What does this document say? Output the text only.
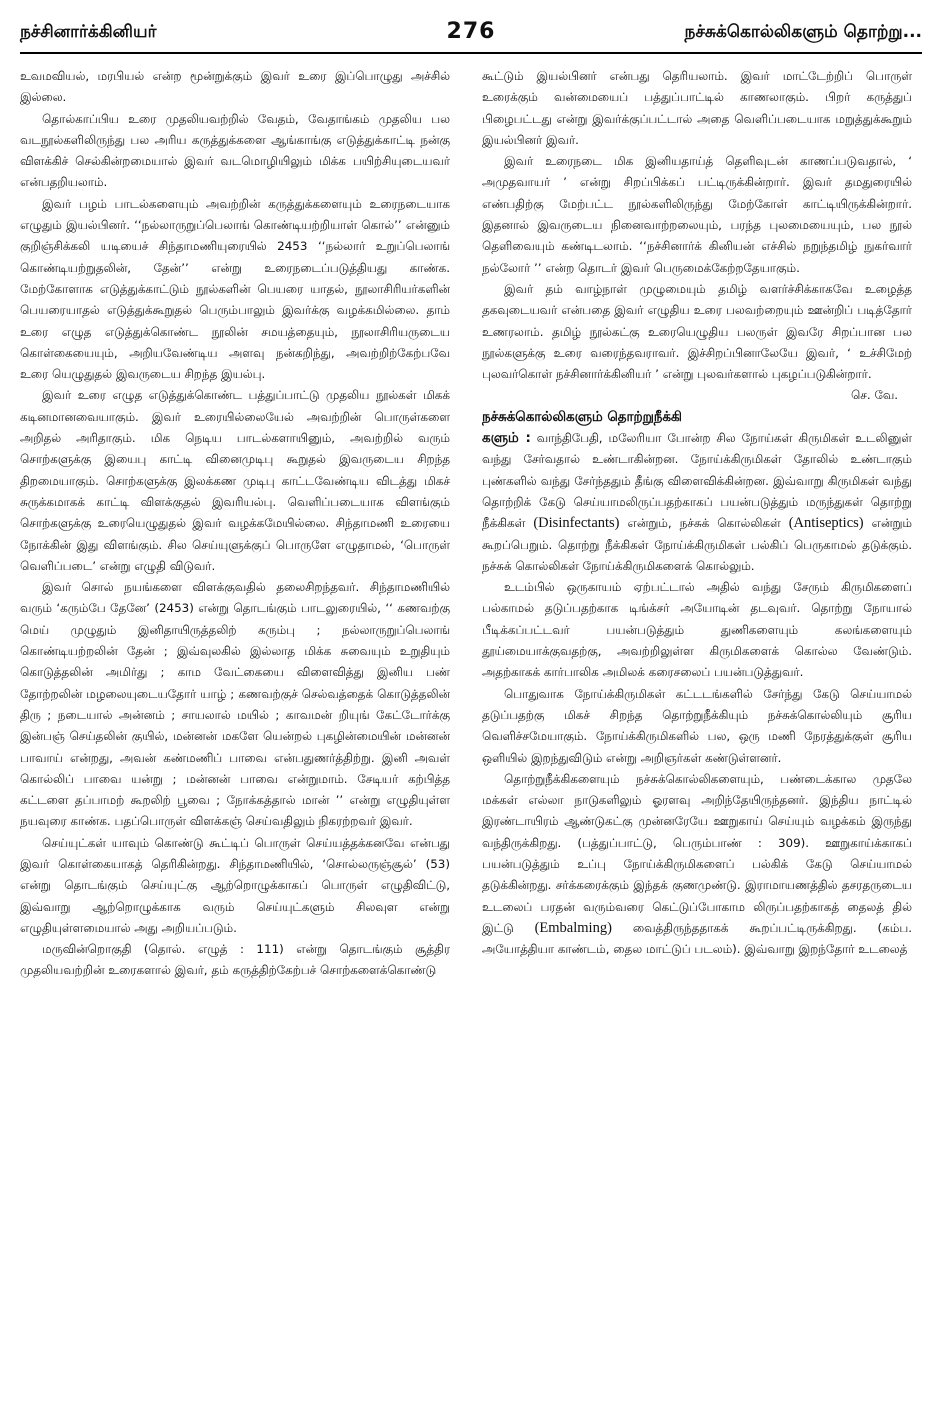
நச்சினார்க்கினியர்	276	நச்சுக்கொல்லிகளும் தொற்று...

உவமவியல், மரபியல் என்ற மூன்றுக்கும் இவர் உரை இப்பொழுது அச்சில் இல்லை.

தொல்காப்பிய உரை முதலியவற்றில் வேதம், வேதாங்கம் முதலிய பல வடநூல்களிலிருந்து பல அரிய கருத்துக்களை ஆங்காங்கு எடுத்துக்காட்டி நன்கு விளக்கிச் செல்கின்றமையால் இவர் வடமொழியிலும் மிக்க பயிற்சியுடையவர் என்பதறியலாம்.

இவர் பழம் பாடல்களையும் அவற்றின் கருத்துக்களையும் உரைநடையாக எழுதும் இயல்பினர். ‘‘நல்லாருறுப்பெலாங் கொண்டியற்றியாள் கொல்’’ என்னும் குறிஞ்சிக்கலி யடியைச் சிந்தாமணியுரையில் 2453 ‘‘நல்லார் உறுப்பெலாங் கொண்டியற்றுதலின், தேன்’’ என்று உரைநடைப்படுத்தியது காண்க. மேற்கோளாக எடுத்துக்காட்டும் நூல்களின் பெயரை யாதல், நூலாசிரியர்களின் பெயரையாதல் எடுத்துக்கூறுதல் பெரும்பாலும் இவர்க்கு வழக்கமில்லை. தாம் உரை எழுத எடுத்துக்கொண்ட நூலின் சமயத்தையும், நூலாசிரியருடைய கொள்கையையும், அறியவேண்டிய அளவு நன்கறிந்து, அவற்றிற்கேற்பவே உரை யெழுதுதல் இவருடைய சிறந்த இயல்பு.

இவர் உரை எழுத எடுத்துக்கொண்ட பத்துப்பாட்டு முதலிய நூல்கள் மிகக் கடினமானவையாகும். இவர் உரையில்லையேல் அவற்றின் பொருள்களை அறிதல் அரிதாகும். மிக நெடிய பாடல்களாயினும், அவற்றில் வரும் சொற்களுக்கு இயைபு காட்டி வினைமுடிபு கூறுதல் இவருடைய சிறந்த திறமையாகும். சொற்களுக்கு இலக்கண முடிபு காட்டவேண்டிய விடத்து மிகச் சுருக்கமாகக் காட்டி விளக்குதல் இவரியல்பு. வெளிப்படையாக விளங்கும் சொற்களுக்கு உரையெழுதுதல் இவர் வழக்கமேயில்லை. சிந்தாமணி உரையை நோக்கின் இது விளங்கும். சில செய்யுளுக்குப் பொருளே எழுதாமல், ‘பொருள் வெளிப்படை’ என்று எழுதி விடுவர்.

இவர் சொல் நயங்களை விளக்குவதில் தலைசிறந்தவர். சிந்தாமணியில் வரும் ‘கரும்பே தேனே’ (2453) என்று தொடங்கும் பாடலுரையில், ‘‘ கணவற்கு மெய் முழுதும் இனிதாயிருத்தலிற் கரும்பு ; நல்லாருறுப்பெலாங் கொண்டியற்றலின் தேன் ; இவ்வுலகில் இல்லாத மிக்க சுவையும் உறுதியும் கொடுத்தலின் அமிர்து ; காம வேட்கையை விளைவித்து இனிய பண் தோற்றலின் மழலையுடையதோர் யாழ் ; கணவற்குச் செல்வத்தைக் கொடுத்தலின் திரு ; நடையால் அன்னம் ; சாயலால் மயில் ; காவமன் றியுங் கேட்டோர்க்கு இன்பஞ் செய்தலின் குயில், மன்னன் மகளே யென்றல் புகழின்மையின் மன்னன் பாவாய் என்றது, அவன் கண்மணிப் பாவை என்பதுணர்த்திற்று. இனி அவள் கொல்லிப் பாவை யன்று ; மன்னன் பாவை என்றுமாம். சேடியர் கற்பித்த கட்டளை தப்பாமற் கூறலிற் பூவை ; நோக்கத்தால் மான் ’’ என்று எழுதியுள்ள நயவுரை காண்க. பதப்பொருள் விளக்கஞ் செய்வதிலும் நிகரற்றவர் இவர்.

செய்யுட்கள் யாவும் கொண்டு கூட்டிப் பொருள் செய்யத்தக்கனவே என்பது இவர் கொள்கையாகத் தெரிகின்றது. சிந்தாமணியில், ‘சொல்லருஞ்சூல்’ (53) என்று தொடங்கும் செய்யுட்கு ஆற்றொழுக்காகப் பொருள் எழுதிவிட்டு, இவ்வாறு ஆற்றொழுக்காக வரும் செய்யுட்களும் சிலவுள என்று எழுதியுள்ளமையால் அது அறியப்படும்.

மருவின்றொகுதி (தொல். எழுத் : 111) என்று தொடங்கும் சூத்திர முதலியவற்றின் உரைகளால் இவர், தம் கருத்திற்கேற்பச் சொற்களைக்கொண்டு

கூட்டும் இயல்பினர் என்பது தெரியலாம். இவர் மாட்டேற்றிப் பொருள் உரைக்கும் வன்மையைப் பத்துப்பாட்டில் காணலாகும். பிறர் கருத்துப் பிழைபட்டது என்று இவர்க்குப்பட்டால் அதை வெளிப்படையாக மறுத்துக்கூறும் இயல்பினர் இவர்.

இவர் உரைநடை மிக இனியதாய்த் தெளிவுடன் காணப்படுவதால், ‘ அமுதவாயர் ’ என்று சிறப்பிக்கப் பட்டிருக்கின்றார். இவர் தமதுரையில் எண்பதிற்கு மேற்பட்ட நூல்களிலிருந்து மேற்கோள் காட்டியிருக்கின்றார். இதனால் இவருடைய நினைவாற்றலையும், பரந்த புலமையையும், பல நூல் தெளிவையும் கண்டிடலாம். ‘‘நச்சினார்க் கினியன் எச்சில் நறுந்தமிழ் நுகர்வார் நல்லோர் ’’ என்ற தொடர் இவர் பெருமைக்கேற்றதேயாகும்.

இவர் தம் வாழ்நாள் முழுமையும் தமிழ் வளர்ச்சிக்காகவே உழைத்த தகவுடையவர் என்பதை இவர் எழுதிய உரை பலவற்றையும் ஊன்றிப் படித்தோர் உணரலாம். தமிழ் நூல்கட்கு உரையெழுதிய பலருள் இவரே சிறப்பான பல நூல்களுக்கு உரை வரைந்தவராவர். இச்சிறப்பினாலேயே இவர், ‘ உச்சிமேற் புலவர்கொள் நச்சினார்க்கினியர் ’ என்று புலவர்களால் புகழப்படுகின்றார்.

செ. வே.

நச்சுக்கொல்லிகளும் தொற்றுநீக்கி
களும் : வாந்திபேதி, மலேரியா போன்ற சில நோய்கள் கிருமிகள் உடலினுள் வந்து சேர்வதால் உண்டாகின்றன. நோய்க்கிருமிகள் தோலில் உண்டாகும் புண்களில் வந்து சேர்ந்ததும் தீங்கு விளைவிக்கின்றன. இவ்வாறு கிருமிகள் வந்து தொற்றிக் கேடு செய்யாமலிருப்பதற்காகப் பயன்படுத்தும் மருந்துகள் தொற்று நீக்கிகள் (Disinfectants) என்றும், நச்சுக் கொல்லிகள் (Antiseptics) என்றும் கூறப்பெறும். தொற்று நீக்கிகள் நோய்க்கிருமிகள் பல்கிப் பெருகாமல் தடுக்கும். நச்சுக் கொல்லிகள் நோய்க்கிருமிகளைக் கொல்லும்.

உடம்பில் ஒருகாயம் ஏற்பட்டால் அதில் வந்து சேரும் கிருமிகளைப் பல்காமல் தடுப்பதற்காக டிங்க்சர் அயோடின் தடவுவர். தொற்று நோயால் பீடிக்கப்பட்டவர் பயன்படுத்தும் துணிகளையும் கலங்களையும் தூய்மையாக்குவதற்கு, அவற்றிலுள்ள கிருமிகளைக் கொல்ல வேண்டும். அதற்காகக் கார்பாலிக அமிலக் கரைசலைப் பயன்படுத்துவர்.

பொதுவாக நோய்க்கிருமிகள் கட்டடங்களில் சேர்ந்து கேடு செய்யாமல் தடுப்பதற்கு மிகச் சிறந்த தொற்றுநீக்கியும் நச்சுக்கொல்லியும் சூரிய வெளிச்சமேயாகும். நோய்க்கிருமிகளில் பல, ஒரு மணி நேரத்துக்குள் சூரிய ஒளியில் இறந்துவிடும் என்று அறிஞர்கள் கண்டுள்ளனர்.

தொற்றுநீக்கிகளையும் நச்சுக்கொல்லிகளையும், பண்டைக்கால முதலே மக்கள் எல்லா நாடுகளிலும் ஓரளவு அறிந்தேயிருந்தனர். இந்திய நாட்டில் இரண்டாயிரம் ஆண்டுகட்கு முன்னரேயே ஊறுகாய் செய்யும் வழக்கம் இருந்து வந்திருக்கிறது. (பத்துப்பாட்டு, பெரும்பாண் : 309). ஊறுகாய்க்காகப் பயன்படுத்தும் உப்பு நோய்க்கிருமிகளைப் பல்கிக் கேடு செய்யாமல் தடுக்கின்றது. சர்க்கரைக்கும் இந்தக் குணமுண்டு. இராமாயணத்தில் தசரதருடைய உடலைப் பரதன் வரும்வரை கெட்டுப்போகாம லிருப்பதற்காகத் தைலத் தில் இட்டு (Embalming) வைத்திருந்ததாகக் கூறப்பட்டிருக்கிறது. (கம்ப. அயோத்தியா காண்டம், தைல மாட்டுப் படலம்). இவ்வாறு இறந்தோர் உடலைத்
